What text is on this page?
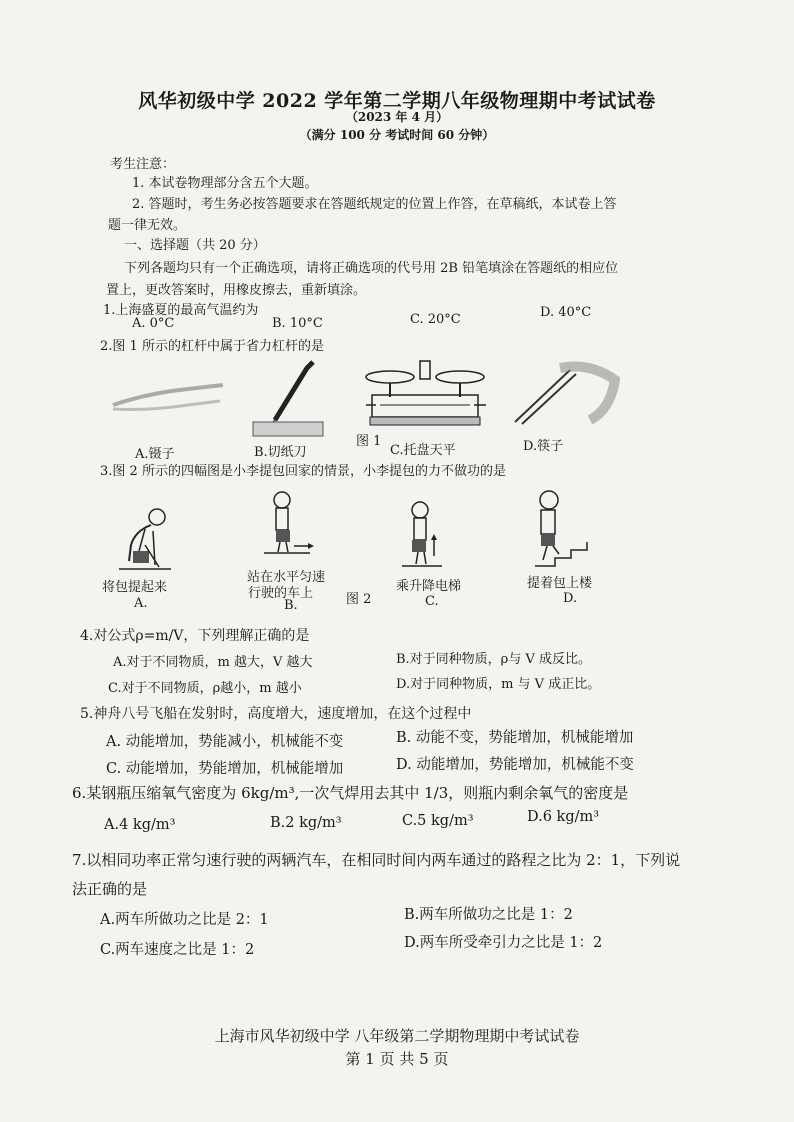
风华初级中学 2022 学年第二学期八年级物理期中考试试卷
（2023 年 4 月）
（满分 100 分 考试时间 60 分钟）
考生注意：
1. 本试卷物理部分含五个大题。
2. 答题时，考生务必按答题要求在答题纸规定的位置上作答，在草稿纸，本试卷上答
题一律无效。
一、选择题（共 20 分）
下列各题均只有一个正确选项，请将正确选项的代号用 2B 铅笔填涂在答题纸的相应位
置上，更改答案时，用橡皮擦去，重新填涂。
1.上海盛夏的最高气温约为
A. 0°C	B. 10°C	C. 20°C	D. 40°C
2.图 1 所示的杠杆中属于省力杠杆的是
图 1
A.镊子	B.切纸刀	C.托盘天平	D.筷子
3.图 2 所示的四幅图是小李提包回家的情景，小李提包的力不做功的是
将包提起来
A.
站在水平匀速
行驶的车上
B.	图 2
乘升降电梯
C.
提着包上楼
D.
4.对公式ρ=m/V，下列理解正确的是
A.对于不同物质，m 越大，V 越大	B.对于同种物质，ρ与 V 成反比。
C.对于不同物质，ρ越小，m 越小	D.对于同种物质，m 与 V 成正比。
5.神舟八号飞船在发射时，高度增大，速度增加，在这个过程中
A. 动能增加，势能减小，机械能不变	B. 动能不变，势能增加，机械能增加
C. 动能增加，势能增加，机械能增加	D. 动能增加，势能增加，机械能不变
6.某钢瓶压缩氧气密度为 6kg/m³,一次气焊用去其中 1/3，则瓶内剩余氧气的密度是
A.4 kg/m³	B.2 kg/m³	C.5 kg/m³	D.6 kg/m³
7.以相同功率正常匀速行驶的两辆汽车，在相同时间内两车通过的路程之比为 2：1，下列说
法正确的是
A.两车所做功之比是 2：1	B.两车所做功之比是 1：2
C.两车速度之比是 1：2	D.两车所受牵引力之比是 1：2
上海市风华初级中学 八年级第二学期物理期中考试试卷
第 1 页 共 5 页
